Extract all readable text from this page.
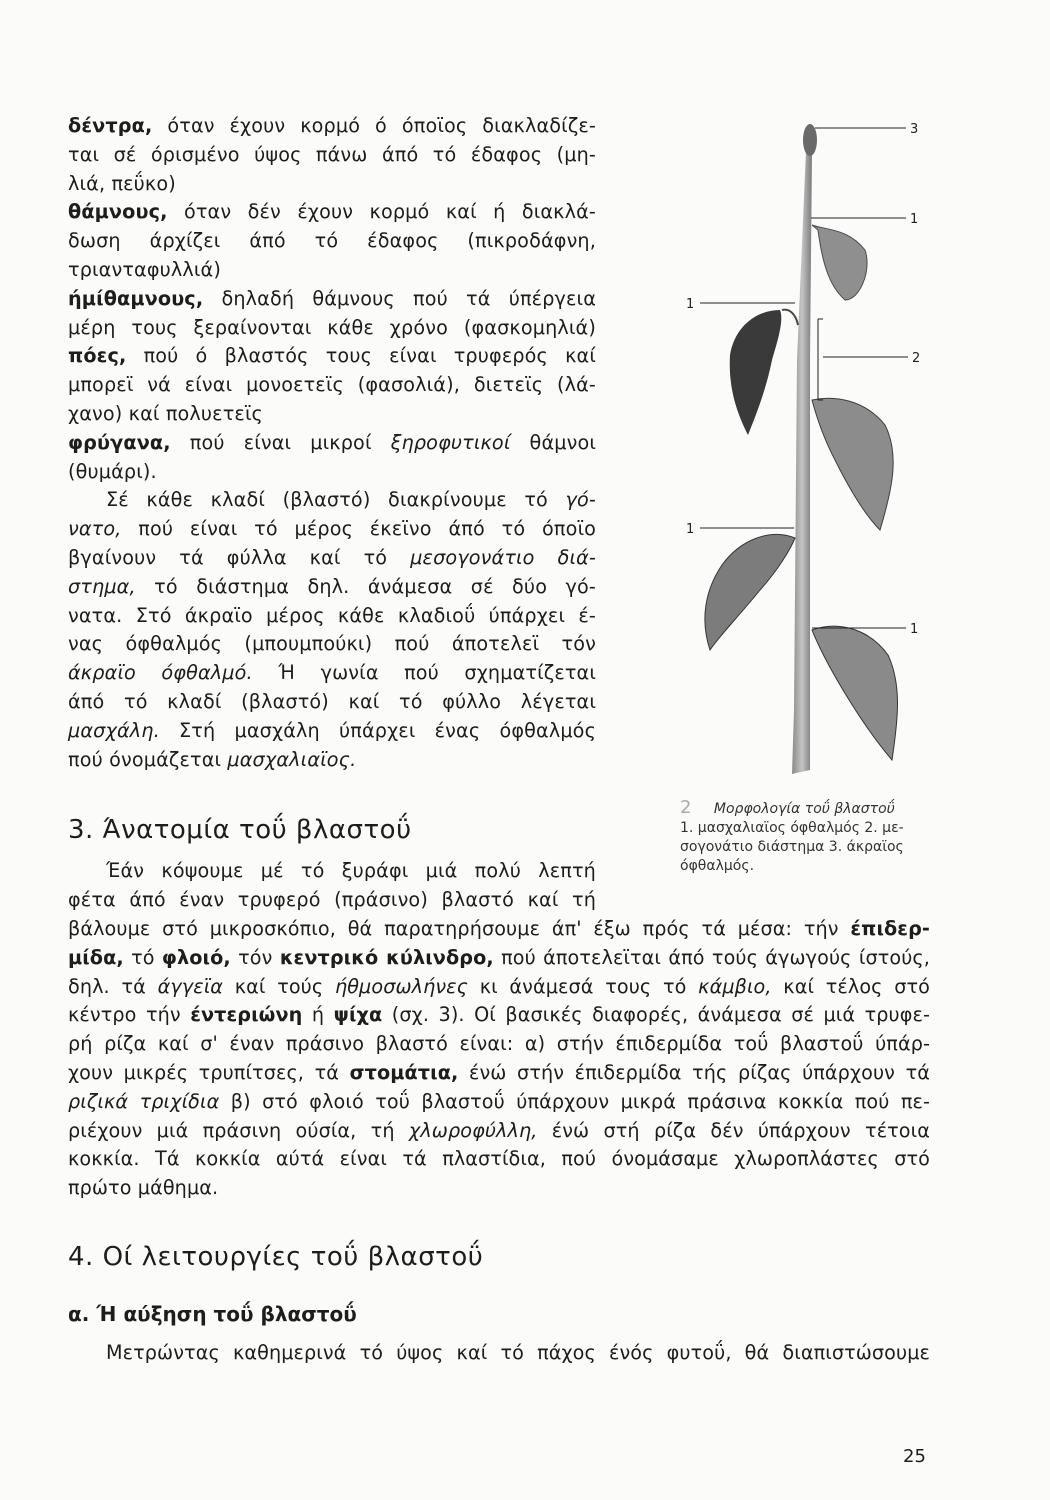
δέντρα, όταν έχουν κορμό ό όποϊος διακλαδίζε-
ται σέ όρισμένο ύψος πάνω άπό τό έδαφος (μη-
λιά, πεΰκο)
θάμνους, όταν δέν έχουν κορμό καί ή διακλά-
δωση άρχίζει άπό τό έδαφος (πικροδάφνη,
τριανταφυλλιά)
ήμίθαμνους, δηλαδή θάμνους πού τά ύπέργεια
μέρη τους ξεραίνονται κάθε χρόνο (φασκομηλιά)
πόες, πού ό βλαστός τους είναι τρυφερός καί
μπορεϊ νά είναι μονοετεϊς (φασολιά), διετεϊς (λά-
χανο) καί πολυετεϊς
φρύγανα, πού είναι μικροί ξηροφυτικοί θάμνοι
(θυμάρι).
Σέ κάθε κλαδί (βλαστό) διακρίνουμε τό γό-
νατο, πού είναι τό μέρος έκεϊνο άπό τό όποϊο
βγαίνουν τά φύλλα καί τό μεσογονάτιο διά-
στημα, τό διάστημα δηλ. άνάμεσα σέ δύο γό-
νατα. Στό άκραϊο μέρος κάθε κλαδιοΰ ύπάρχει έ-
νας όφθαλμός (μπουμπούκι) πού άποτελεϊ τόν
άκραϊο όφθαλμό. Ή γωνία πού σχηματίζεται
άπό τό κλαδί (βλαστό) καί τό φύλλο λέγεται
μασχάλη. Στή μασχάλη ύπάρχει ένας όφθαλμός
πού όνομάζεται μασχαλιαϊος.
3. Άνατομία τοΰ βλαστοΰ
Έάν κόψουμε μέ τό ξυράφι μιά πολύ λεπτή
φέτα άπό έναν τρυφερό (πράσινο) βλαστό καί τή
βάλουμε στό μικροσκόπιο, θά παρατηρήσουμε άπ' έξω πρός τά μέσα: τήν έπιδερ-
μίδα, τό φλοιό, τόν κεντρικό κύλινδρο, πού άποτελεϊται άπό τούς άγωγούς ίστούς,
δηλ. τά άγγεϊα καί τούς ήθμοσωλήνες κι άνάμεσά τους τό κάμβιο, καί τέλος στό
κέντρο τήν έντεριώνη ή ψίχα (σχ. 3). Οί βασικές διαφορές, άνάμεσα σέ μιά τρυφε-
ρή ρίζα καί σ' έναν πράσινο βλαστό είναι: α) στήν έπιδερμίδα τοΰ βλαστοΰ ύπάρ-
χουν μικρές τρυπίτσες, τά στομάτια, ένώ στήν έπιδερμίδα τής ρίζας ύπάρχουν τά
ριζικά τριχίδια β) στό φλοιό τοΰ βλαστοΰ ύπάρχουν μικρά πράσινα κοκκία πού πε-
ριέχουν μιά πράσινη ούσία, τή χλωροφύλλη, ένώ στή ρίζα δέν ύπάρχουν τέτοια
κοκκία. Τά κοκκία αύτά είναι τά πλαστίδια, πού όνομάσαμε χλωροπλάστες στό
πρώτο μάθημα.
4. Οί λειτουργίες τοΰ βλαστοΰ
α. Ή αύξηση τοΰ βλαστοΰ
Μετρώντας καθημερινά τό ύψος καί τό πάχος ένός φυτοΰ, θά διαπιστώσουμε
3
1
1
2
1
1
2 Μορφολογία τοΰ βλαστοΰ
1. μασχαλιαϊος όφθαλμός 2. με-σογονάτιο διάστημα 3. άκραϊος όφθαλμός.
25
